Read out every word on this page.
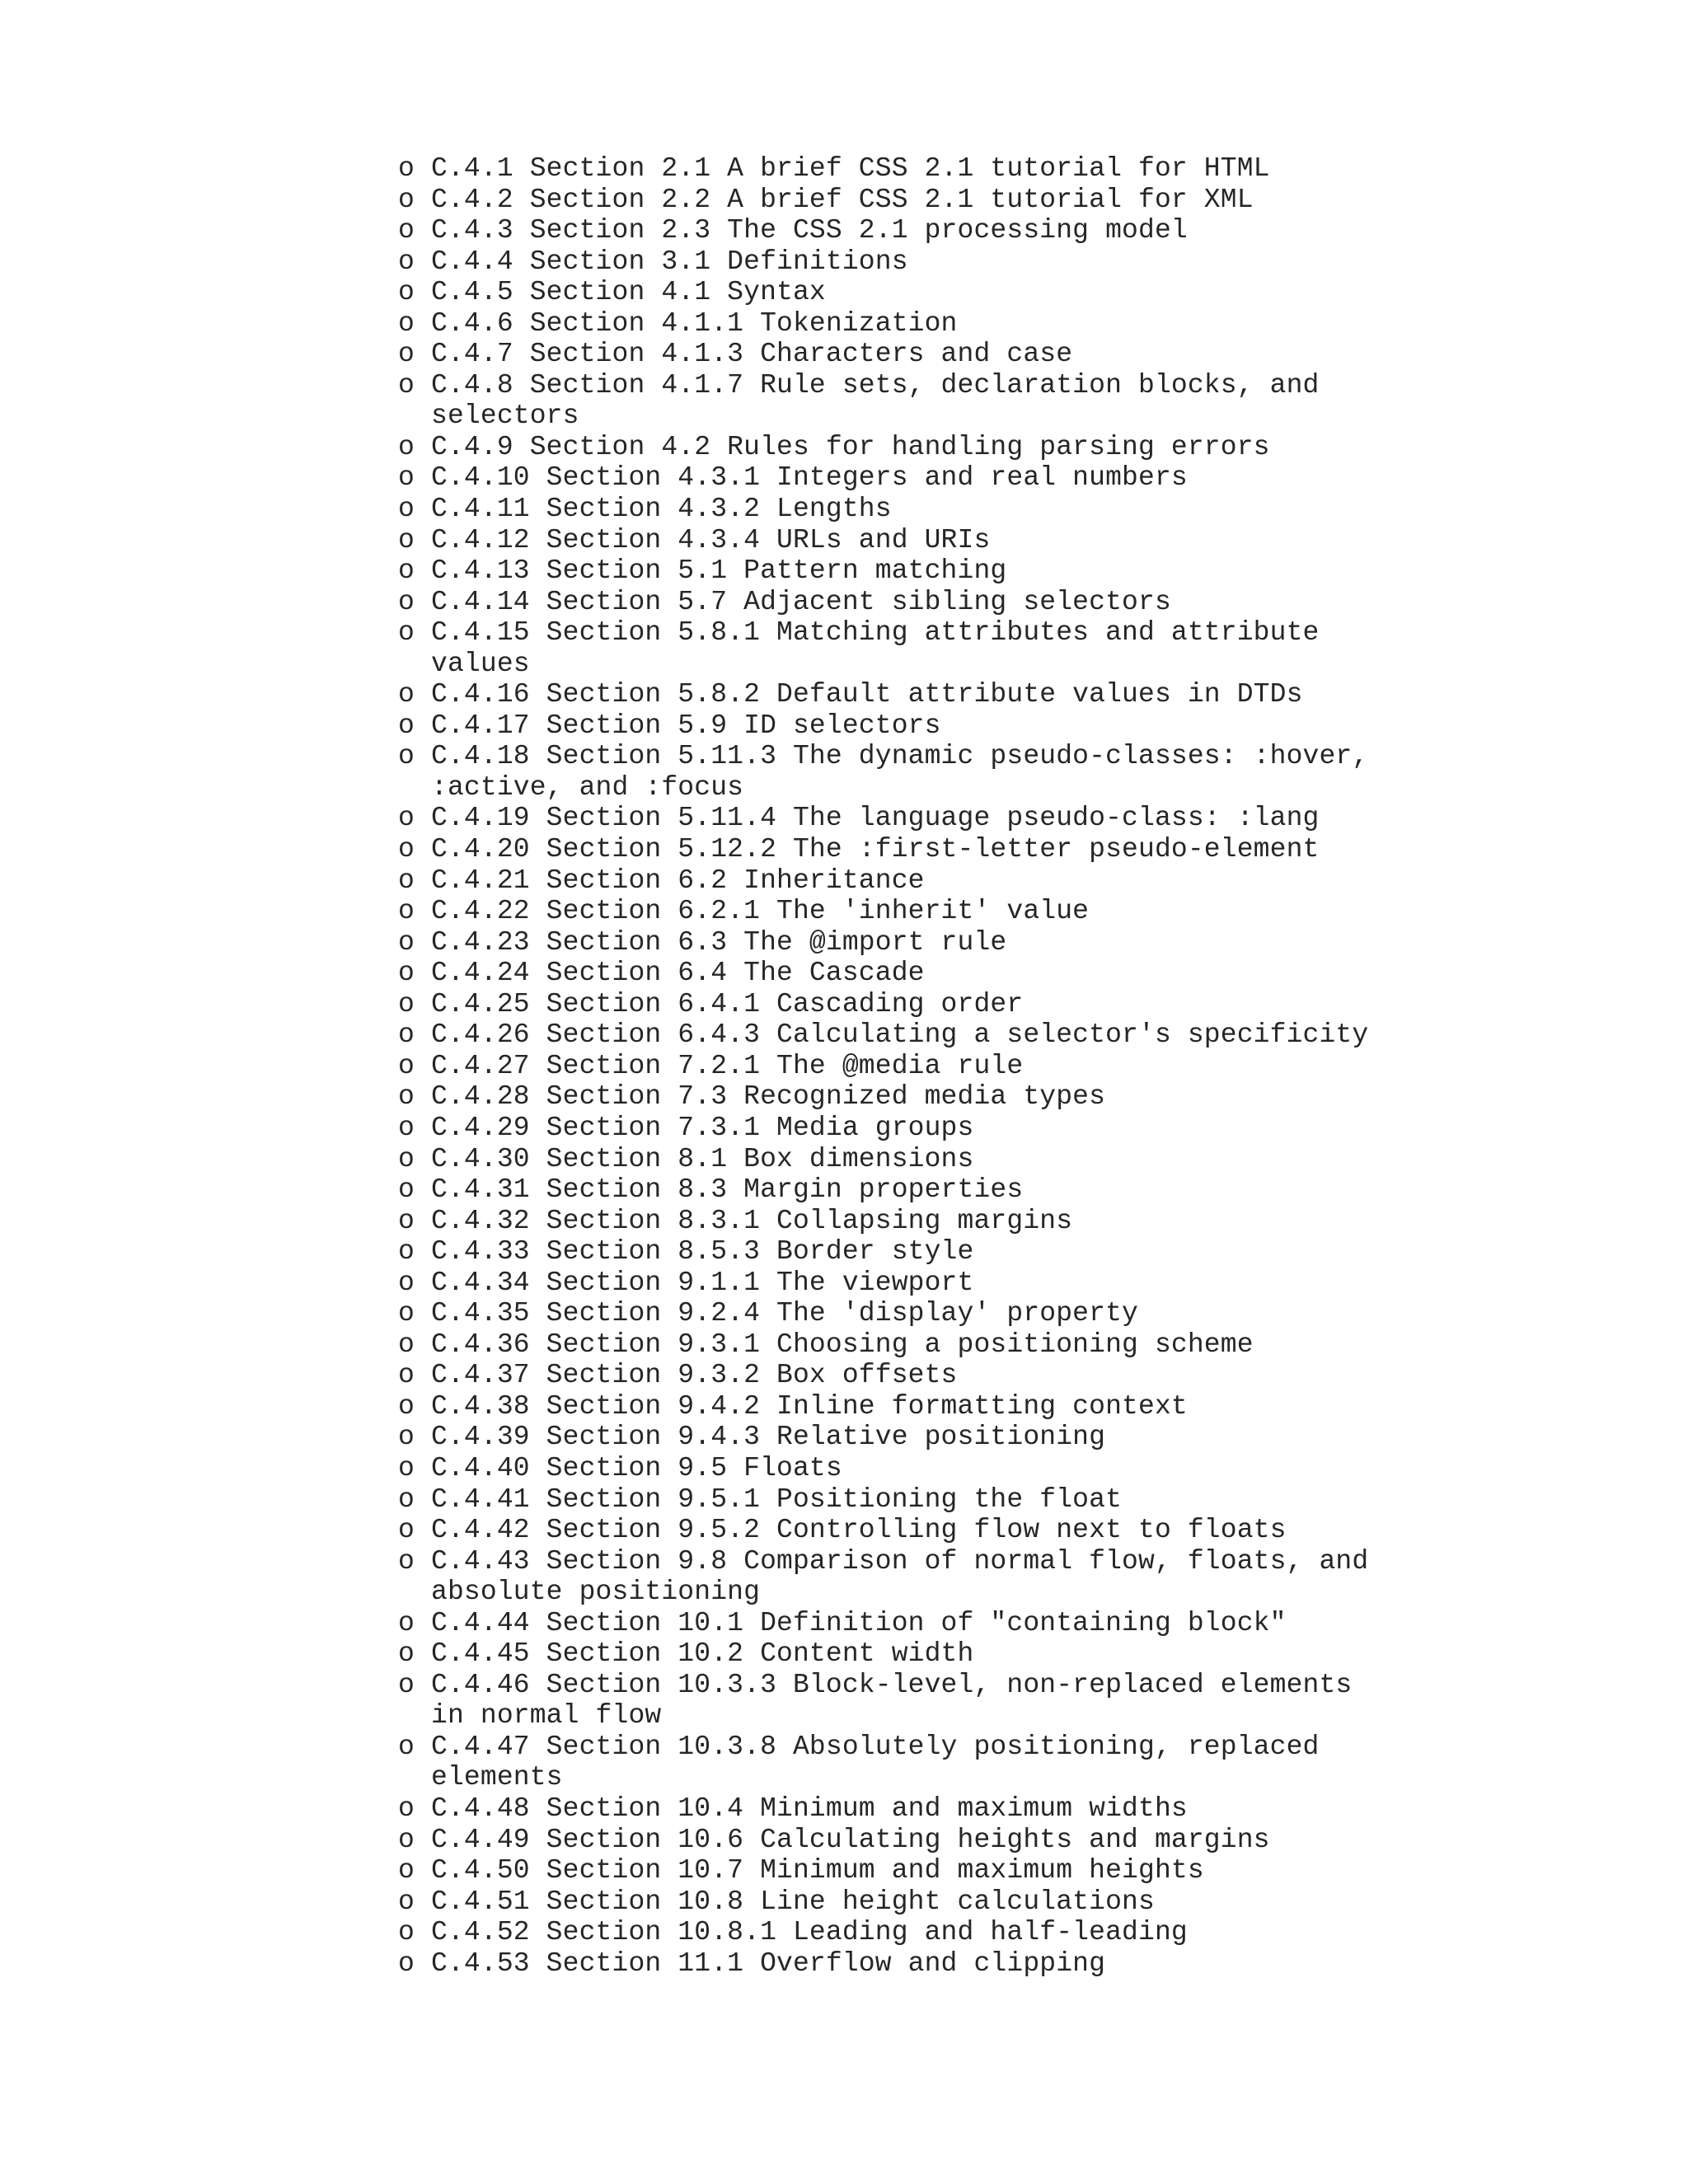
o C.4.1 Section 2.1 A brief CSS 2.1 tutorial for HTML
o C.4.2 Section 2.2 A brief CSS 2.1 tutorial for XML
o C.4.3 Section 2.3 The CSS 2.1 processing model
o C.4.4 Section 3.1 Definitions
o C.4.5 Section 4.1 Syntax
o C.4.6 Section 4.1.1 Tokenization
o C.4.7 Section 4.1.3 Characters and case
o C.4.8 Section 4.1.7 Rule sets, declaration blocks, and
selectors
o C.4.9 Section 4.2 Rules for handling parsing errors
o C.4.10 Section 4.3.1 Integers and real numbers
o C.4.11 Section 4.3.2 Lengths
o C.4.12 Section 4.3.4 URLs and URIs
o C.4.13 Section 5.1 Pattern matching
o C.4.14 Section 5.7 Adjacent sibling selectors
o C.4.15 Section 5.8.1 Matching attributes and attribute
values
o C.4.16 Section 5.8.2 Default attribute values in DTDs
o C.4.17 Section 5.9 ID selectors
o C.4.18 Section 5.11.3 The dynamic pseudo-classes: :hover,
:active, and :focus
o C.4.19 Section 5.11.4 The language pseudo-class: :lang
o C.4.20 Section 5.12.2 The :first-letter pseudo-element
o C.4.21 Section 6.2 Inheritance
o C.4.22 Section 6.2.1 The 'inherit' value
o C.4.23 Section 6.3 The @import rule
o C.4.24 Section 6.4 The Cascade
o C.4.25 Section 6.4.1 Cascading order
o C.4.26 Section 6.4.3 Calculating a selector's specificity
o C.4.27 Section 7.2.1 The @media rule
o C.4.28 Section 7.3 Recognized media types
o C.4.29 Section 7.3.1 Media groups
o C.4.30 Section 8.1 Box dimensions
o C.4.31 Section 8.3 Margin properties
o C.4.32 Section 8.3.1 Collapsing margins
o C.4.33 Section 8.5.3 Border style
o C.4.34 Section 9.1.1 The viewport
o C.4.35 Section 9.2.4 The 'display' property
o C.4.36 Section 9.3.1 Choosing a positioning scheme
o C.4.37 Section 9.3.2 Box offsets
o C.4.38 Section 9.4.2 Inline formatting context
o C.4.39 Section 9.4.3 Relative positioning
o C.4.40 Section 9.5 Floats
o C.4.41 Section 9.5.1 Positioning the float
o C.4.42 Section 9.5.2 Controlling flow next to floats
o C.4.43 Section 9.8 Comparison of normal flow, floats, and
absolute positioning
o C.4.44 Section 10.1 Definition of "containing block"
o C.4.45 Section 10.2 Content width
o C.4.46 Section 10.3.3 Block-level, non-replaced elements
in normal flow
o C.4.47 Section 10.3.8 Absolutely positioning, replaced
elements
o C.4.48 Section 10.4 Minimum and maximum widths
o C.4.49 Section 10.6 Calculating heights and margins
o C.4.50 Section 10.7 Minimum and maximum heights
o C.4.51 Section 10.8 Line height calculations
o C.4.52 Section 10.8.1 Leading and half-leading
o C.4.53 Section 11.1 Overflow and clipping
